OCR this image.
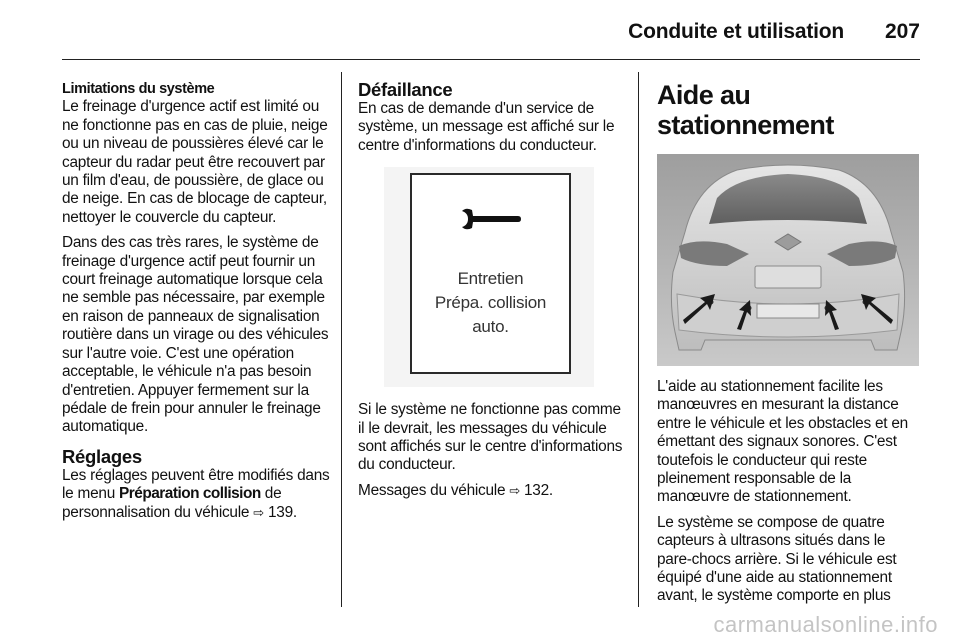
Conduite et utilisation 207

Limitations du système
Le freinage d'urgence actif est limité ou ne fonctionne pas en cas de pluie, neige ou un niveau de poussières élevé car le capteur du radar peut être recouvert par un film d'eau, de poussière, de glace ou de neige. En cas de blocage de capteur, nettoyer le couvercle du capteur.

Dans des cas très rares, le système de freinage d'urgence actif peut fournir un court freinage automatique lorsque cela ne semble pas nécessaire, par exemple en raison de panneaux de signalisation routière dans un virage ou des véhicules sur l'autre voie. C'est une opération acceptable, le véhicule n'a pas besoin d'entretien. Appuyer fermement sur la pédale de frein pour annuler le freinage automatique.

Réglages
Les réglages peuvent être modifiés dans le menu Préparation collision de personnalisation du véhicule ⇨ 139.

Défaillance
En cas de demande d'un service de système, un message est affiché sur le centre d'informations du conducteur.

Entretien
Prépa. collision
auto.

Si le système ne fonctionne pas comme il le devrait, les messages du véhicule sont affichés sur le centre d'informations du conducteur.

Messages du véhicule ⇨ 132.

Aide au stationnement

L'aide au stationnement facilite les manœuvres en mesurant la distance entre le véhicule et les obstacles et en émettant des signaux sonores. C'est toutefois le conducteur qui reste pleinement responsable de la manœuvre de stationnement.

Le système se compose de quatre capteurs à ultrasons situés dans le pare-chocs arrière. Si le véhicule est équipé d'une aide au stationnement avant, le système comporte en plus

carmanualsonline.info
